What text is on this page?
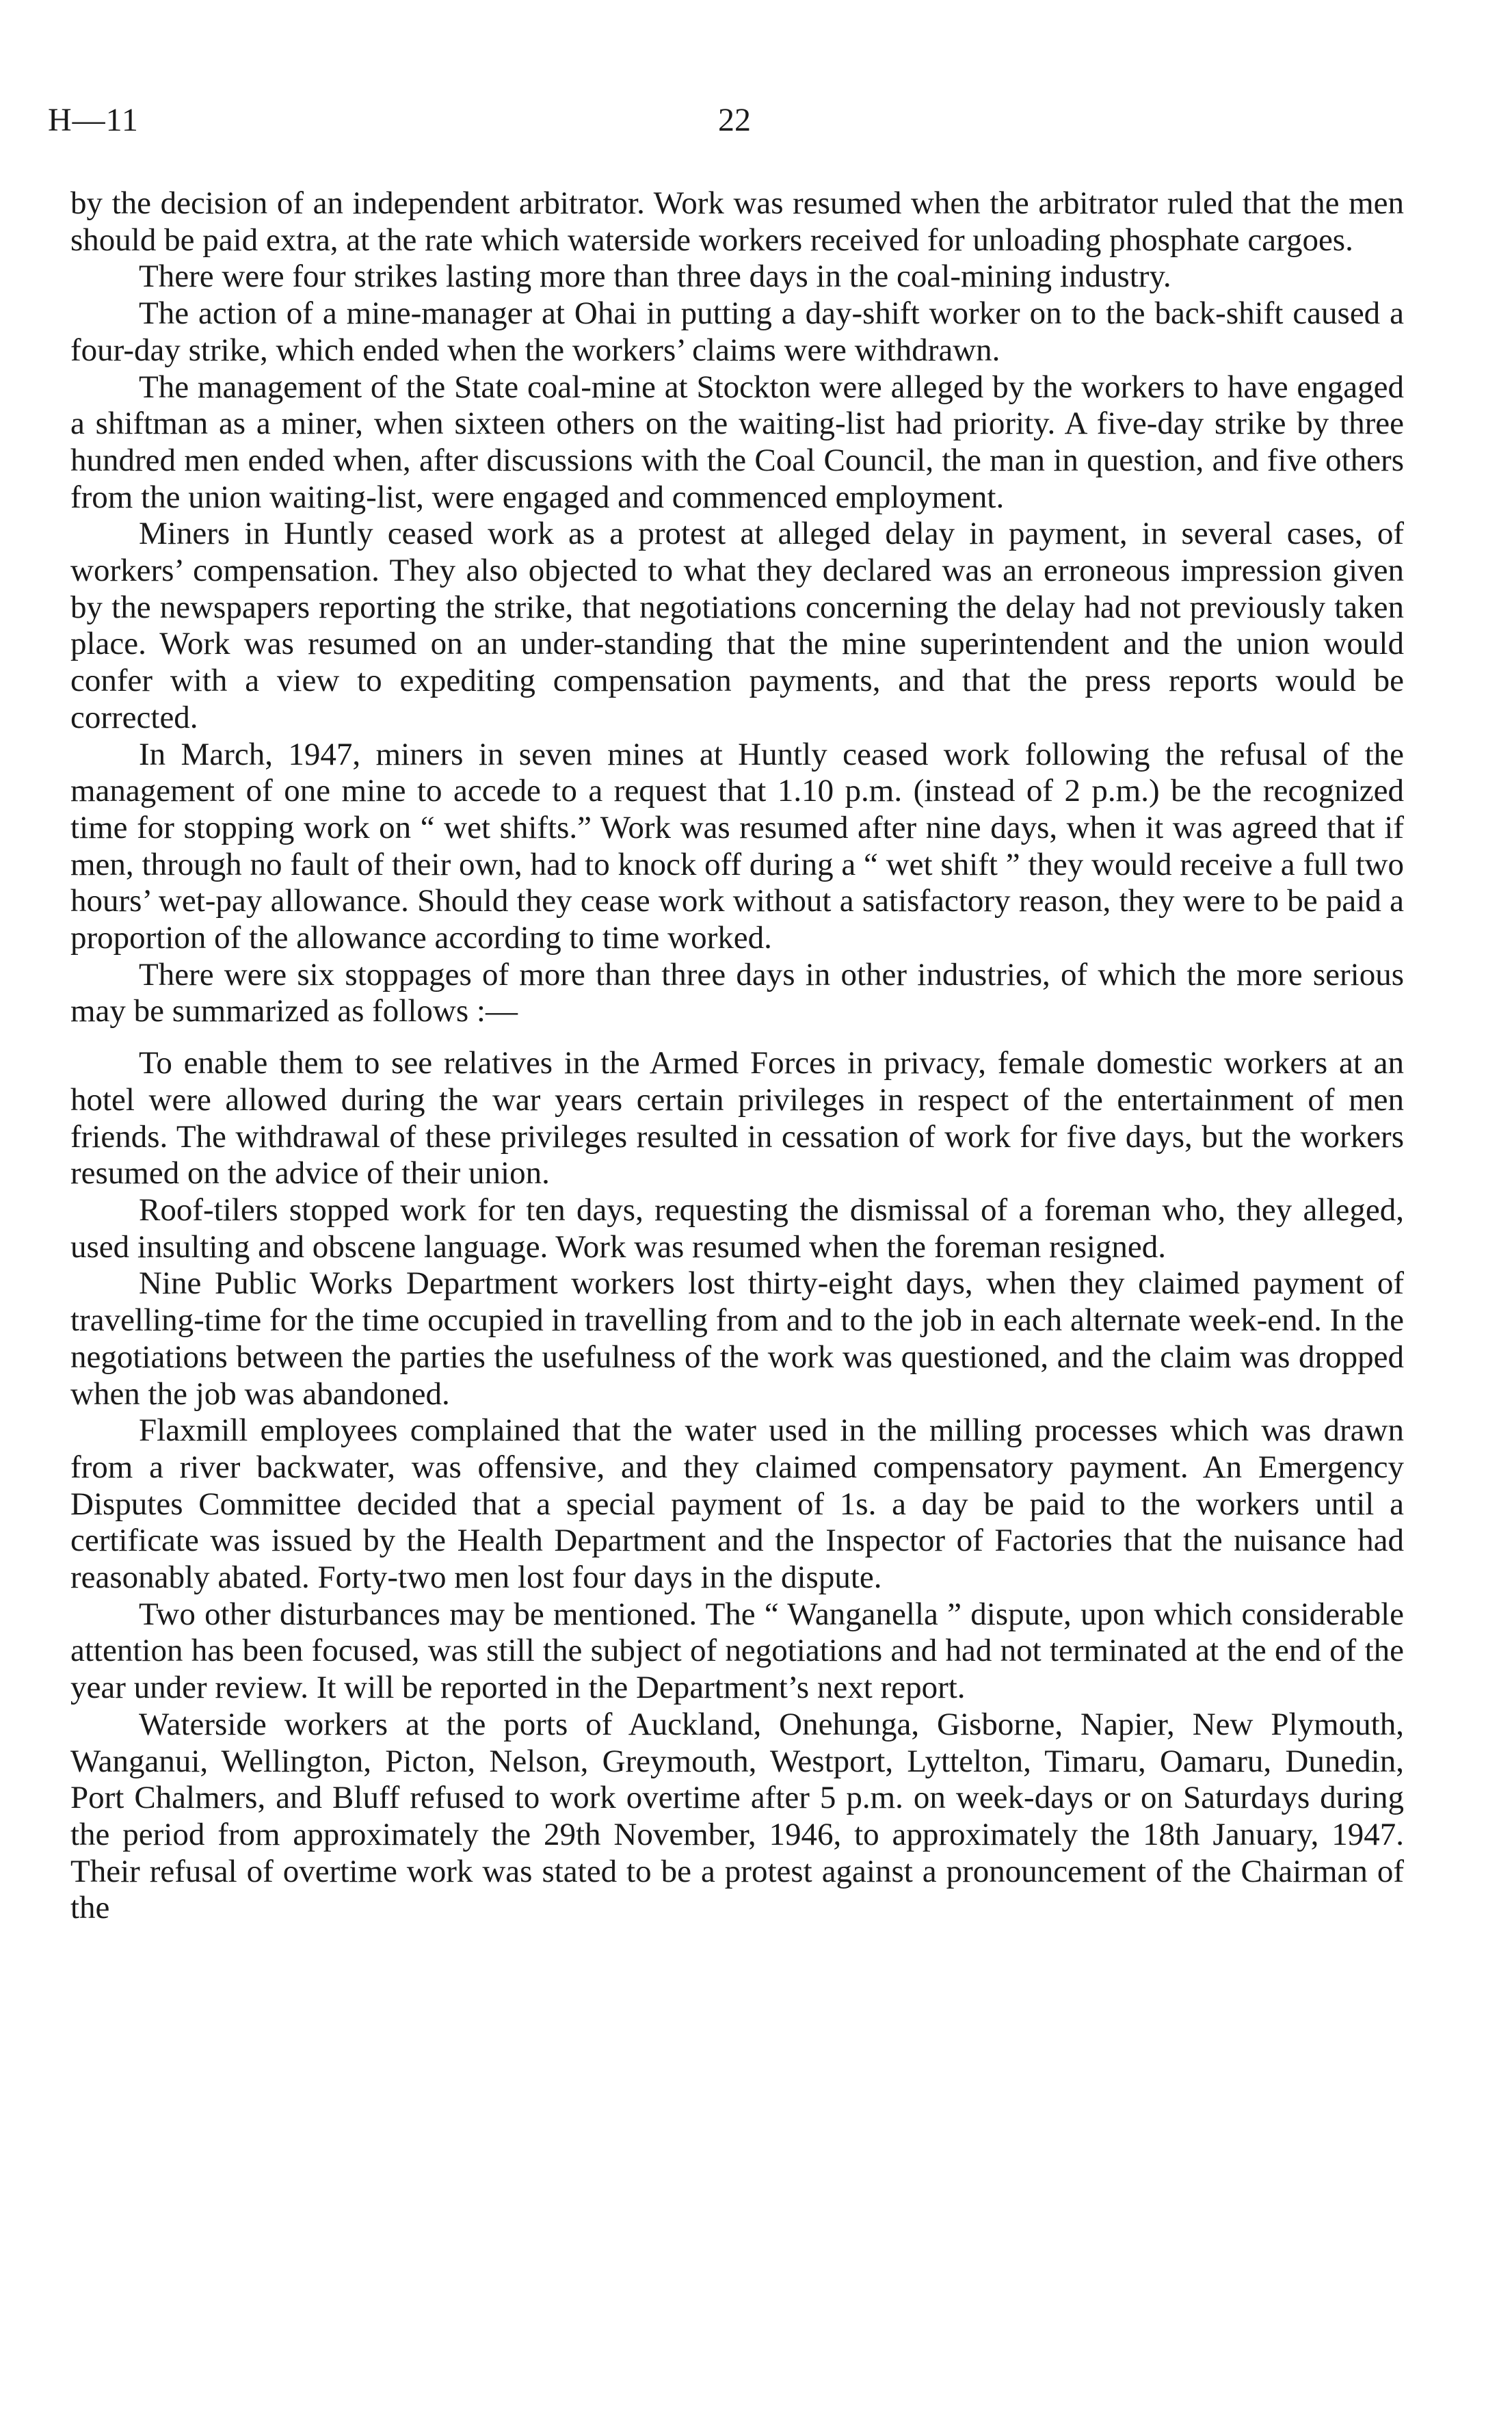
H—11	22

by the decision of an independent arbitrator. Work was resumed when the arbitrator ruled that the men should be paid extra, at the rate which waterside workers received for unloading phosphate cargoes.

There were four strikes lasting more than three days in the coal-mining industry.

The action of a mine-manager at Ohai in putting a day-shift worker on to the back-shift caused a four-day strike, which ended when the workers’ claims were withdrawn.

The management of the State coal-mine at Stockton were alleged by the workers to have engaged a shiftman as a miner, when sixteen others on the waiting-list had priority. A five-day strike by three hundred men ended when, after discussions with the Coal Council, the man in question, and five others from the union waiting-list, were engaged and commenced employment.

Miners in Huntly ceased work as a protest at alleged delay in payment, in several cases, of workers’ compensation. They also objected to what they declared was an erroneous impression given by the newspapers reporting the strike, that negotiations concerning the delay had not previously taken place. Work was resumed on an under-standing that the mine superintendent and the union would confer with a view to expediting compensation payments, and that the press reports would be corrected.

In March, 1947, miners in seven mines at Huntly ceased work following the refusal of the management of one mine to accede to a request that 1.10 p.m. (instead of 2 p.m.) be the recognized time for stopping work on “ wet shifts.” Work was resumed after nine days, when it was agreed that if men, through no fault of their own, had to knock off during a “ wet shift ” they would receive a full two hours’ wet-pay allowance. Should they cease work without a satisfactory reason, they were to be paid a proportion of the allowance according to time worked.

There were six stoppages of more than three days in other industries, of which the more serious may be summarized as follows :—

To enable them to see relatives in the Armed Forces in privacy, female domestic workers at an hotel were allowed during the war years certain privileges in respect of the entertainment of men friends. The withdrawal of these privileges resulted in cessation of work for five days, but the workers resumed on the advice of their union.

Roof-tilers stopped work for ten days, requesting the dismissal of a foreman who, they alleged, used insulting and obscene language. Work was resumed when the foreman resigned.

Nine Public Works Department workers lost thirty-eight days, when they claimed payment of travelling-time for the time occupied in travelling from and to the job in each alternate week-end. In the negotiations between the parties the usefulness of the work was questioned, and the claim was dropped when the job was abandoned.

Flaxmill employees complained that the water used in the milling processes which was drawn from a river backwater, was offensive, and they claimed compensatory payment. An Emergency Disputes Committee decided that a special payment of 1s. a day be paid to the workers until a certificate was issued by the Health Department and the Inspector of Factories that the nuisance had reasonably abated. Forty-two men lost four days in the dispute.

Two other disturbances may be mentioned. The “ Wanganella ” dispute, upon which considerable attention has been focused, was still the subject of negotiations and had not terminated at the end of the year under review. It will be reported in the Department’s next report.

Waterside workers at the ports of Auckland, Onehunga, Gisborne, Napier, New Plymouth, Wanganui, Wellington, Picton, Nelson, Greymouth, Westport, Lyttelton, Timaru, Oamaru, Dunedin, Port Chalmers, and Bluff refused to work overtime after 5 p.m. on week-days or on Saturdays during the period from approximately the 29th November, 1946, to approximately the 18th January, 1947. Their refusal of overtime work was stated to be a protest against a pronouncement of the Chairman of the
